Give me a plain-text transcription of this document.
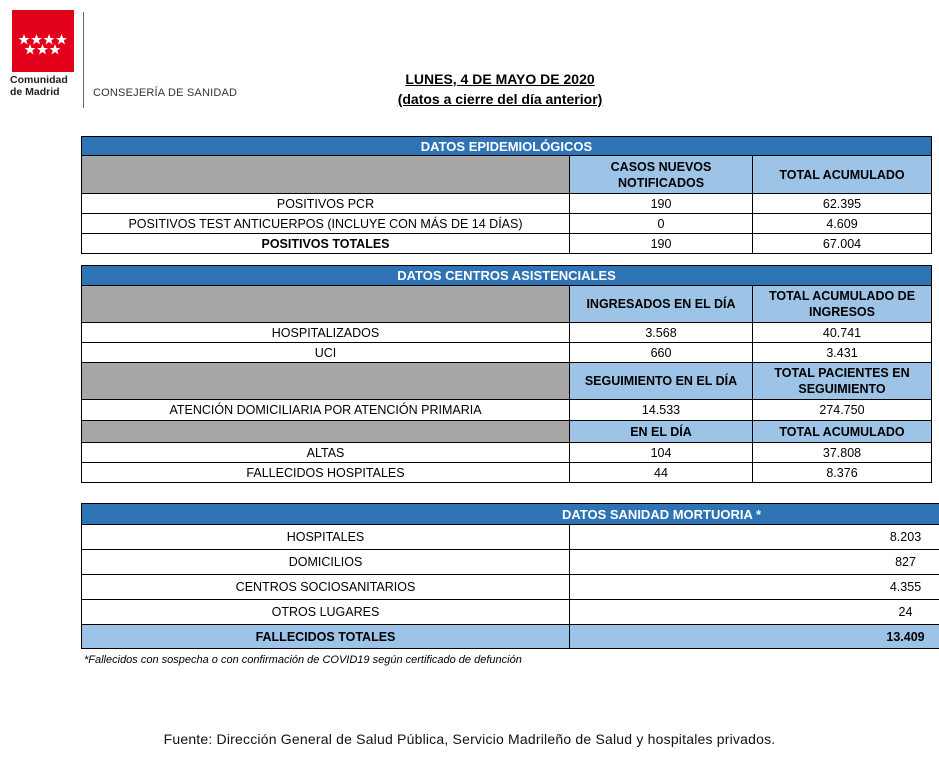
Comunidad
de Madrid	CONSEJERÍA DE SANIDAD
LUNES, 4 DE MAYO DE 2020
(datos a cierre del día anterior)
DATOS EPIDEMIOLÓGICOS		
	CASOS NUEVOS NOTIFICADOS	TOTAL ACUMULADO
POSITIVOS PCR	190	62.395
POSITIVOS TEST ANTICUERPOS (INCLUYE CON MÁS DE 14 DÍAS)	0	4.609
POSITIVOS TOTALES	190	67.004
DATOS CENTROS ASISTENCIALES		
	INGRESADOS EN EL DÍA	TOTAL ACUMULADO DE INGRESOS
HOSPITALIZADOS	3.568	40.741
UCI	660	3.431
	SEGUIMIENTO EN EL DÍA	TOTAL PACIENTES EN SEGUIMIENTO
ATENCIÓN DOMICILIARIA POR ATENCIÓN PRIMARIA	14.533	274.750
	EN EL DÍA	TOTAL ACUMULADO
ALTAS	104	37.808
FALLECIDOS HOSPITALES	44	8.376
DATOS SANIDAD MORTUORIA *	
HOSPITALES	8.203
DOMICILIOS	827
CENTROS SOCIOSANITARIOS	4.355
OTROS LUGARES	24
FALLECIDOS TOTALES	13.409
*Fallecidos con sospecha o con confirmación de COVID19 según certificado de defunción
Fuente: Dirección General de Salud Pública, Servicio Madrileño de Salud y hospitales privados.
